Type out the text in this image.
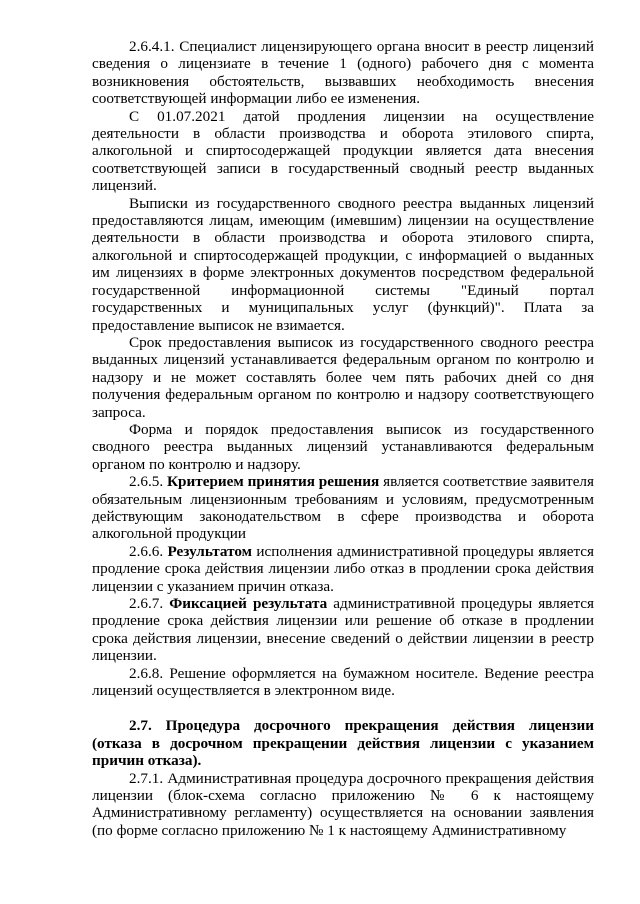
2.6.4.1. Специалист лицензирующего органа вносит в реестр лицензий сведения о лицензиате в течение 1 (одного) рабочего дня с момента возникновения обстоятельств, вызвавших необходимость внесения соответствующей информации либо ее изменения.

С 01.07.2021 датой продления лицензии на осуществление деятельности в области производства и оборота этилового спирта, алкогольной и спиртосодержащей продукции является дата внесения соответствующей записи в государственный сводный реестр выданных лицензий.

Выписки из государственного сводного реестра выданных лицензий предоставляются лицам, имеющим (имевшим) лицензии на осуществление деятельности в области производства и оборота этилового спирта, алкогольной и спиртосодержащей продукции, с информацией о выданных им лицензиях в форме электронных документов посредством федеральной государственной информационной системы "Единый портал государственных и муниципальных услуг (функций)". Плата за предоставление выписок не взимается.

Срок предоставления выписок из государственного сводного реестра выданных лицензий устанавливается федеральным органом по контролю и надзору и не может составлять более чем пять рабочих дней со дня получения федеральным органом по контролю и надзору соответствующего запроса.

Форма и порядок предоставления выписок из государственного сводного реестра выданных лицензий устанавливаются федеральным органом по контролю и надзору.

2.6.5. Критерием принятия решения является соответствие заявителя обязательным лицензионным требованиям и условиям, предусмотренным действующим законодательством в сфере производства и оборота алкогольной продукции

2.6.6. Результатом исполнения административной процедуры является продление срока действия лицензии либо отказ в продлении срока действия лицензии с указанием причин отказа.

2.6.7. Фиксацией результата административной процедуры является продление срока действия лицензии или решение об отказе в продлении срока действия лицензии, внесение сведений о действии лицензии в реестр лицензии.

2.6.8. Решение оформляется на бумажном носителе. Ведение реестра лицензий осуществляется в электронном виде.

2.7. Процедура досрочного прекращения действия лицензии (отказа в досрочном прекращении действия лицензии с указанием причин отказа).

2.7.1. Административная процедура досрочного прекращения действия лицензии (блок-схема согласно приложению № 6 к настоящему Административному регламенту) осуществляется на основании заявления (по форме согласно приложению № 1 к настоящему Административному
